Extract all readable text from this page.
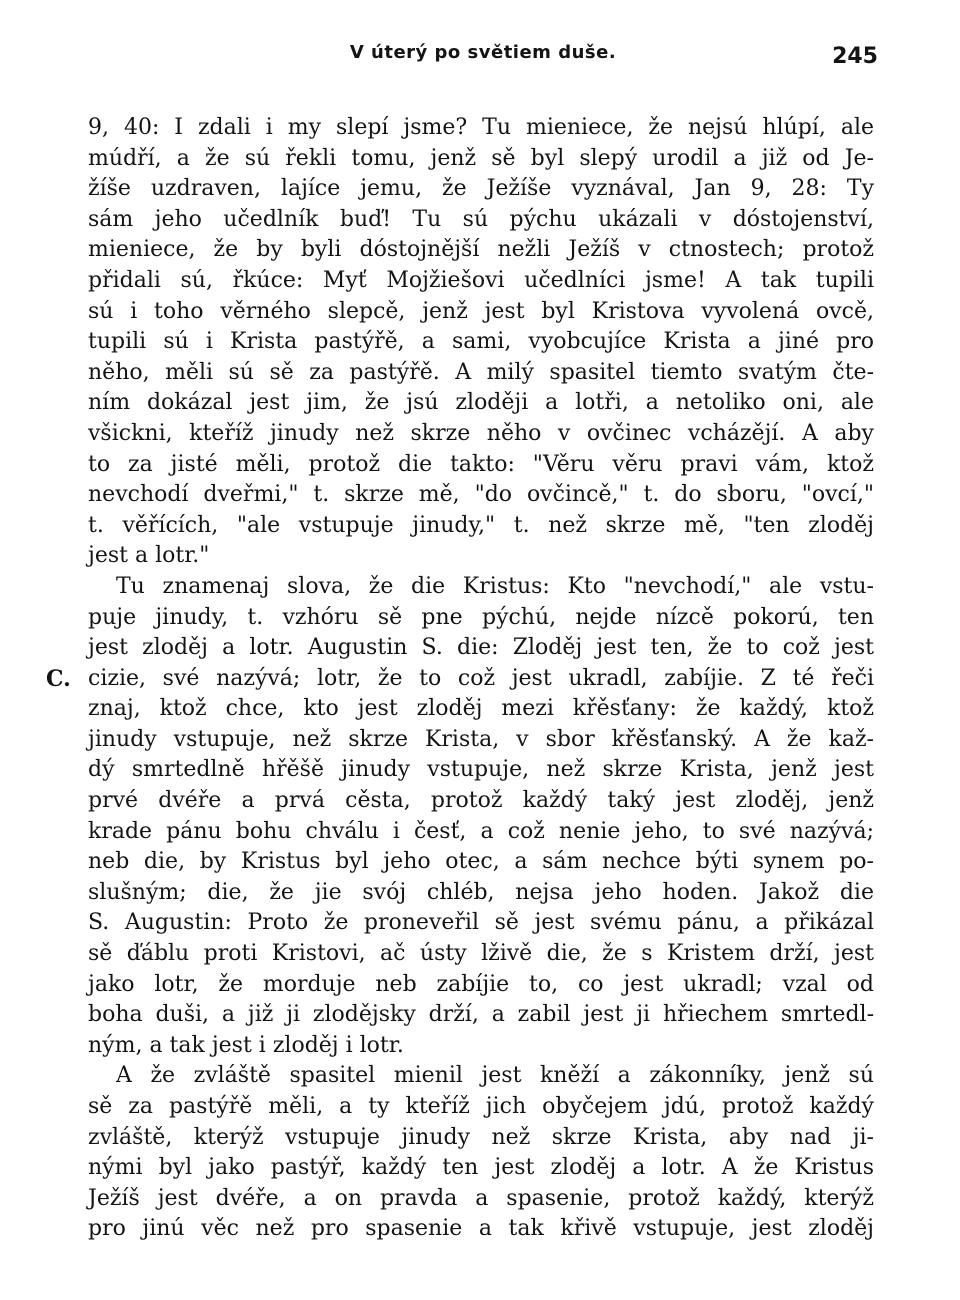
V úterý po světiem duše.	245
C.
9, 40: I zdali i my slepí jsme? Tu mieniece, že nejsú hlúpí, ale
múdří, a že sú řekli tomu, jenž sě byl slepý urodil a již od Je-
žíše uzdraven, lajíce jemu, že Ježíše vyznával, Jan 9, 28: Ty
sám jeho učedlník buď! Tu sú pýchu ukázali v dóstojenství,
mieniece, že by byli dóstojnější nežli Ježíš v ctnostech; protož
přidali sú, řkúce: Myť Mojžiešovi učedlníci jsme! A tak tupili
sú i toho věrného slepcě, jenž jest byl Kristova vyvolená ovcě,
tupili sú i Krista pastýřě, a sami, vyobcujíce Krista a jiné pro
něho, měli sú sě za pastýřě. A milý spasitel tiemto svatým čte-
ním dokázal jest jim, že jsú zloději a lotři, a netoliko oni, ale
všickni, kteříž jinudy než skrze něho v ovčinec vcházějí. A aby
to za jisté měli, protož die takto: "Věru věru pravi vám, ktož
nevchodí dveřmi," t. skrze mě, "do ovčincě," t. do sboru, "ovcí,"
t. věřících, "ale vstupuje jinudy," t. než skrze mě, "ten zloděj
jest a lotr."
Tu znamenaj slova, že die Kristus: Kto "nevchodí," ale vstu-
puje jinudy, t. vzhóru sě pne pýchú, nejde nízcě pokorú, ten
jest zloděj a lotr. Augustin S. die: Zloděj jest ten, že to což jest
cizie, své nazývá; lotr, že to což jest ukradl, zabíjie. Z té řeči
znaj, ktož chce, kto jest zloděj mezi křěsťany: že každý, ktož
jinudy vstupuje, než skrze Krista, v sbor křěsťanský. A že kaž-
dý smrtedlně hřěšě jinudy vstupuje, než skrze Krista, jenž jest
prvé dvéře a prvá cěsta, protož každý taký jest zloděj, jenž
krade pánu bohu chválu i česť, a což nenie jeho, to své nazývá;
neb die, by Kristus byl jeho otec, a sám nechce býti synem po-
slušným; die, že jie svój chléb, nejsa jeho hoden. Jakož die
S. Augustin: Proto že proneveřil sě jest svému pánu, a přikázal
sě ďáblu proti Kristovi, ač ústy lživě die, že s Kristem drží, jest
jako lotr, že morduje neb zabíjie to, co jest ukradl; vzal od
boha duši, a již ji zlodějsky drží, a zabil jest ji hřiechem smrtedl-
ným, a tak jest i zloděj i lotr.
A že zvláště spasitel mienil jest kněží a zákonníky, jenž sú
sě za pastýřě měli, a ty kteříž jich obyčejem jdú, protož každý
zvláště, kterýž vstupuje jinudy než skrze Krista, aby nad ji-
nými byl jako pastýř, každý ten jest zloděj a lotr. A že Kristus
Ježíš jest dvéře, a on pravda a spasenie, protož každý, kterýž
pro jinú věc než pro spasenie a tak křivě vstupuje, jest zloděj
